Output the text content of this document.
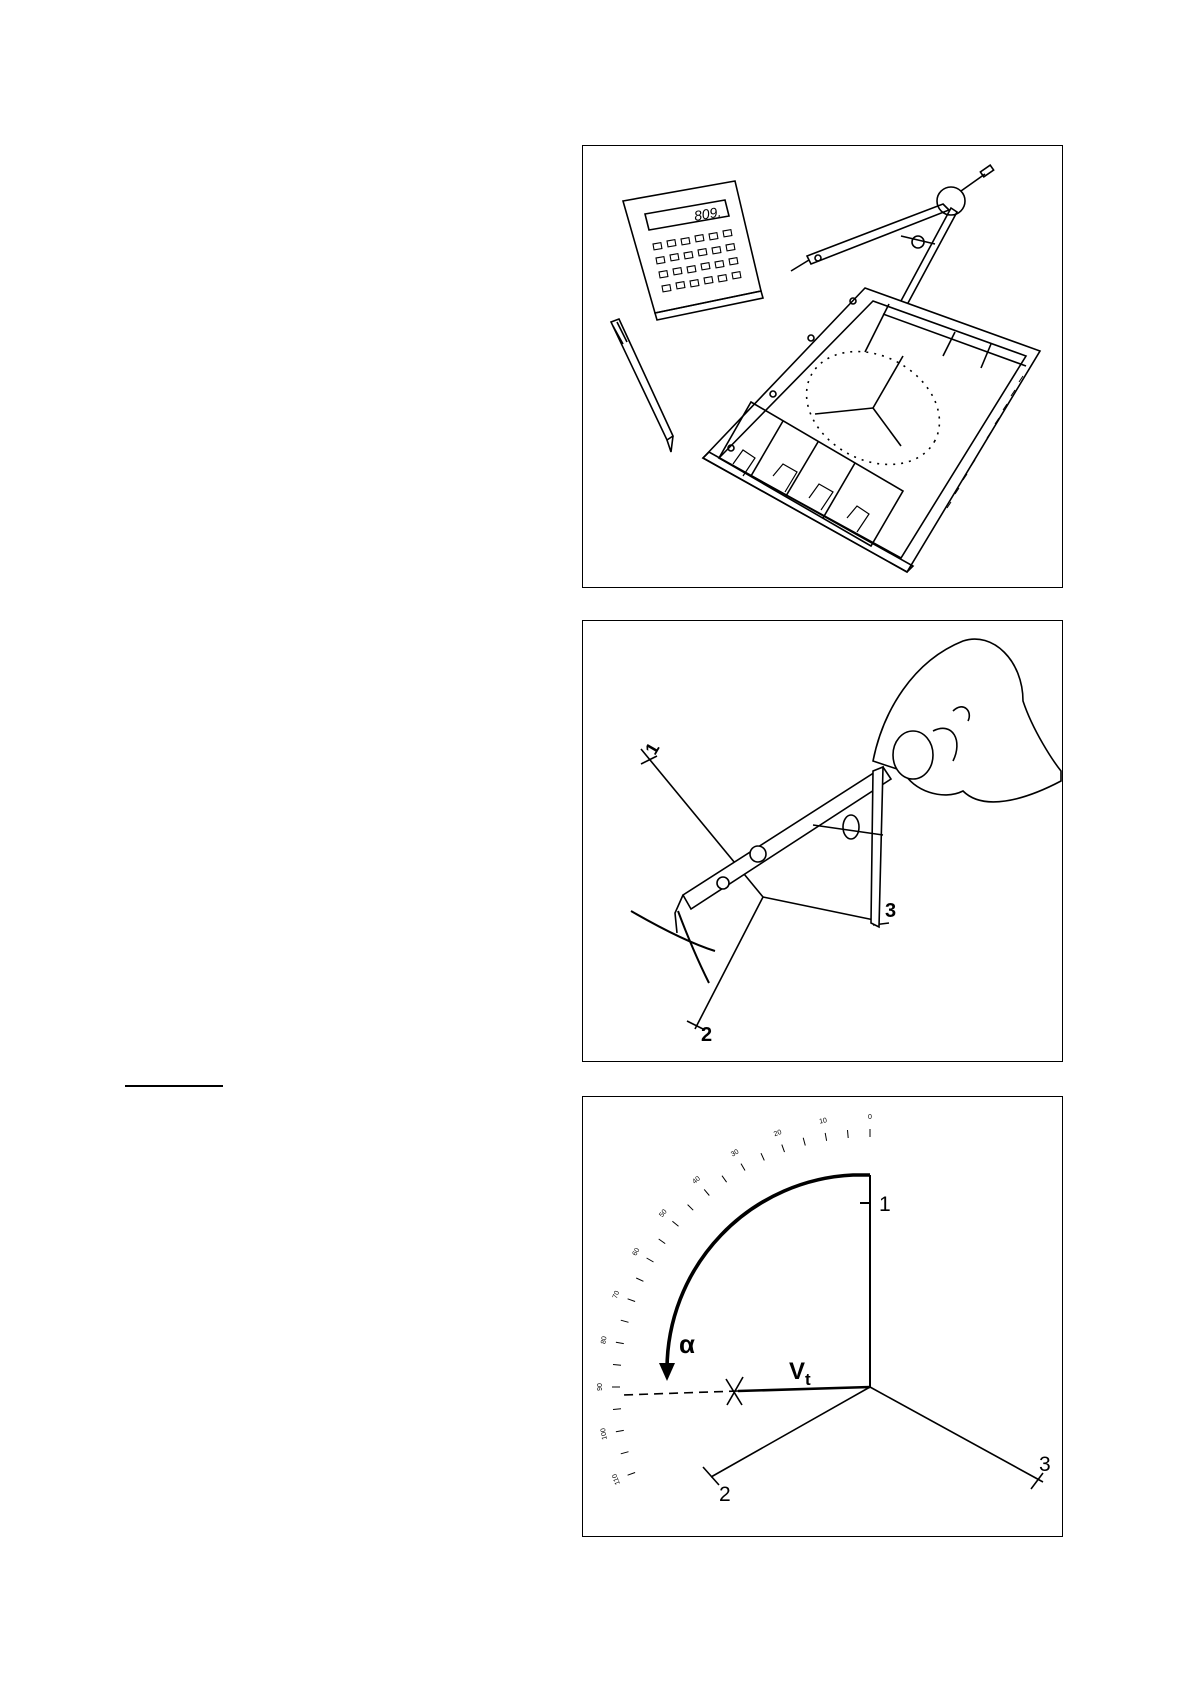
809.
1
2
3
0
10
20
30
40
50
60
70
80
90
100
110
1
2
3
α
$V_t$
